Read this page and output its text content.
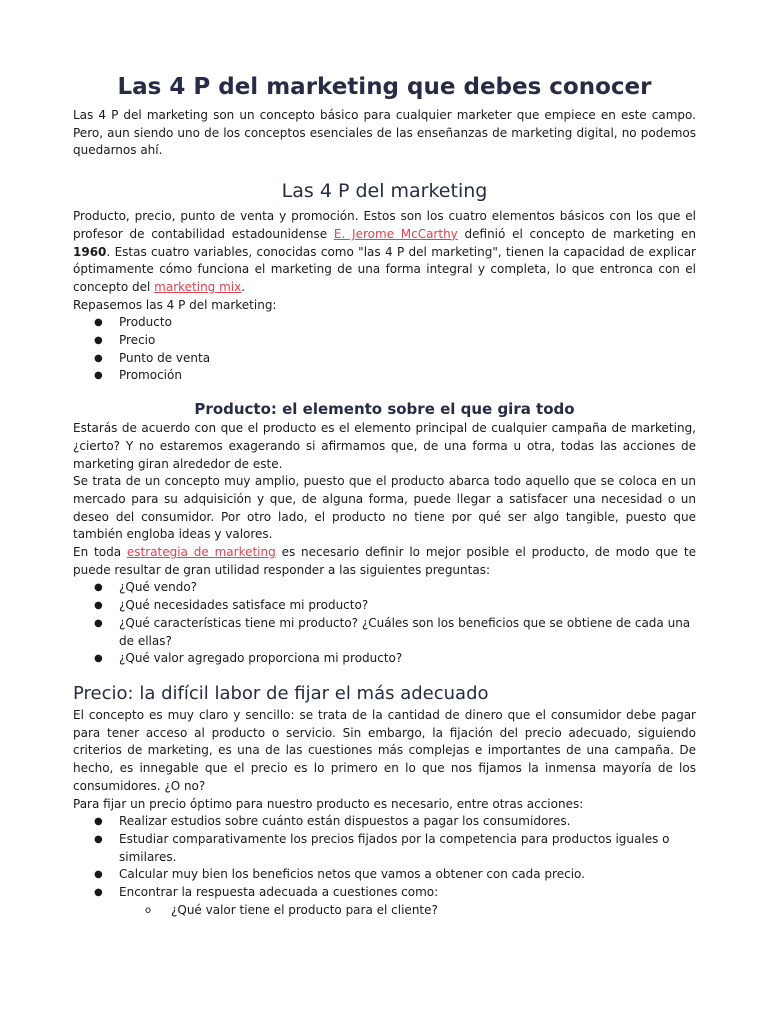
Las 4 P del marketing que debes conocer

Las 4 P del marketing son un concepto básico para cualquier marketer que empiece en este campo. Pero, aun siendo uno de los conceptos esenciales de las enseñanzas de marketing digital, no podemos quedarnos ahí.

Las 4 P del marketing

Producto, precio, punto de venta y promoción. Estos son los cuatro elementos básicos con los que el profesor de contabilidad estadounidense E. Jerome McCarthy definió el concepto de marketing en 1960. Estas cuatro variables, conocidas como "las 4 P del marketing", tienen la capacidad de explicar óptimamente cómo funciona el marketing de una forma integral y completa, lo que entronca con el concepto del marketing mix.

Repasemos las 4 P del marketing:

● Producto
● Precio
● Punto de venta
● Promoción
Producto: el elemento sobre el que gira todo

Estarás de acuerdo con que el producto es el elemento principal de cualquier campaña de marketing, ¿cierto? Y no estaremos exagerando si afirmamos que, de una forma u otra, todas las acciones de marketing giran alrededor de este.

Se trata de un concepto muy amplio, puesto que el producto abarca todo aquello que se coloca en un mercado para su adquisición y que, de alguna forma, puede llegar a satisfacer una necesidad o un deseo del consumidor. Por otro lado, el producto no tiene por qué ser algo tangible, puesto que también engloba ideas y valores.

En toda estrategia de marketing es necesario definir lo mejor posible el producto, de modo que te puede resultar de gran utilidad responder a las siguientes preguntas:

● ¿Qué vendo?
● ¿Qué necesidades satisface mi producto?
● ¿Qué características tiene mi producto? ¿Cuáles son los beneficios que se obtiene de cada una de ellas?
● ¿Qué valor agregado proporciona mi producto?
Precio: la difícil labor de fijar el más adecuado

El concepto es muy claro y sencillo: se trata de la cantidad de dinero que el consumidor debe pagar para tener acceso al producto o servicio. Sin embargo, la fijación del precio adecuado, siguiendo criterios de marketing, es una de las cuestiones más complejas e importantes de una campaña. De hecho, es innegable que el precio es lo primero en lo que nos fijamos la inmensa mayoría de los consumidores. ¿O no?

Para fijar un precio óptimo para nuestro producto es necesario, entre otras acciones:

● Realizar estudios sobre cuánto están dispuestos a pagar los consumidores.
● Estudiar comparativamente los precios fijados por la competencia para productos iguales o similares.
● Calcular muy bien los beneficios netos que vamos a obtener con cada precio.
● Encontrar la respuesta adecuada a cuestiones como:
o ¿Qué valor tiene el producto para el cliente?
